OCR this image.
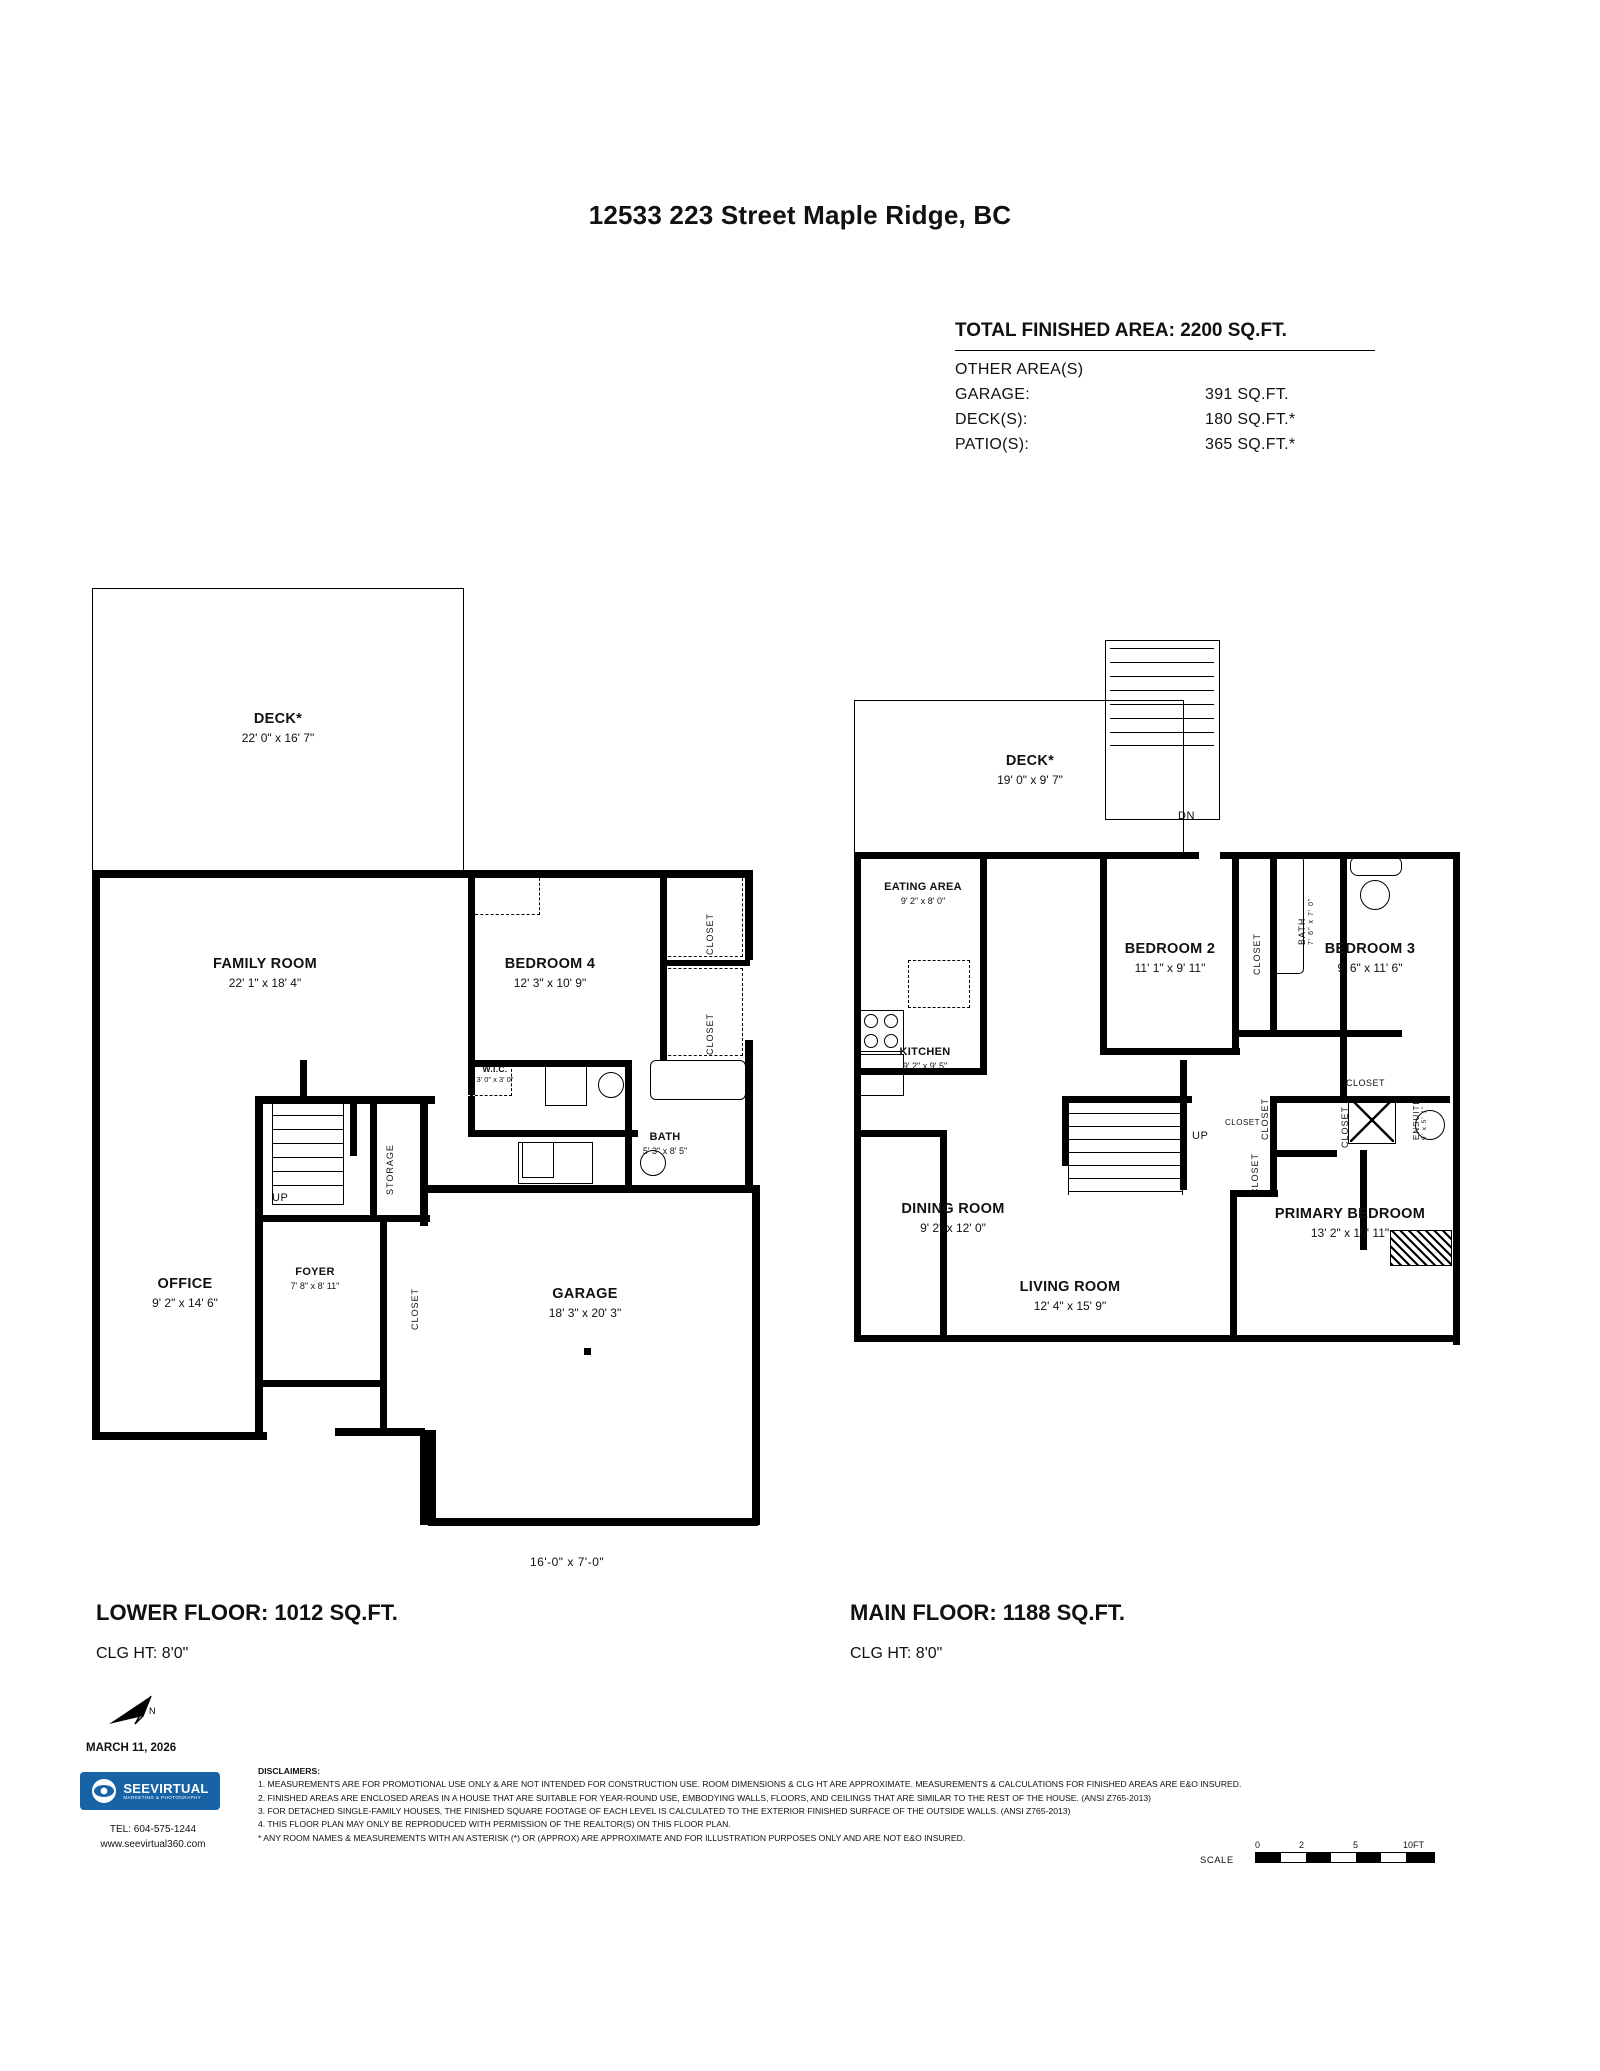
12533 223 Street Maple Ridge, BC
TOTAL FINISHED AREA: 2200 SQ.FT.
OTHER AREA(S)
GARAGE:	391 SQ.FT.
DECK(S):	180 SQ.FT.*
PATIO(S):	365 SQ.FT.*
UP
DECK*
22' 0" x 16' 7"
FAMILY ROOM
22' 1" x 18' 4"
BEDROOM 4
12' 3" x 10' 9"
W.I.C.
3' 0" x 3' 0"
BATH
5' 3" x 8' 5"
OFFICE
9' 2" x 14' 6"
FOYER
7' 8" x 8' 11"
GARAGE
18' 3" x 20' 3"
16'-0" x 7'-0"
CLOSET
CLOSET
STORAGE
CLOSET
LOWER FLOOR: 1012 SQ.FT.
CLG HT: 8'0"
DN
DECK*
19' 0" x 9' 7"
UP
EATING AREA
9' 2" x 8' 0"
BEDROOM 2
11' 1" x 9' 11"
BEDROOM 3
9' 6" x 11' 6"
KITCHEN
9' 2" x 9' 5"
DINING ROOM
9' 2" x 12' 0"
LIVING ROOM
12' 4" x 15' 9"
PRIMARY BEDROOM
13' 2" x 10' 11"
BATH 7' 6" x 7' 0"
CLOSET
CLOSET
CLOSET
CLOSET
CLOSET
CLOSET	ENSUITE 9' x 5' 1"
MAIN FLOOR: 1188 SQ.FT.
CLG HT: 8'0"
N
MARCH 11, 2026
SEEVIRTUAL
MARKETING & PHOTOGRAPHY
TEL: 604-575-1244
www.seevirtual360.com
DISCLAIMERS:
1. MEASUREMENTS ARE FOR PROMOTIONAL USE ONLY & ARE NOT INTENDED FOR CONSTRUCTION USE. ROOM DIMENSIONS & CLG HT ARE APPROXIMATE. MEASUREMENTS & CALCULATIONS FOR FINISHED AREAS ARE E&O INSURED.
2. FINISHED AREAS ARE ENCLOSED AREAS IN A HOUSE THAT ARE SUITABLE FOR YEAR-ROUND USE, EMBODYING WALLS, FLOORS, AND CEILINGS THAT ARE SIMILAR TO THE REST OF THE HOUSE. (ANSI Z765-2013)
3. FOR DETACHED SINGLE-FAMILY HOUSES, THE FINISHED SQUARE FOOTAGE OF EACH LEVEL IS CALCULATED TO THE EXTERIOR FINISHED SURFACE OF THE OUTSIDE WALLS. (ANSI Z765-2013)
4. THIS FLOOR PLAN MAY ONLY BE REPRODUCED WITH PERMISSION OF THE REALTOR(S) ON THIS FLOOR PLAN.
* ANY ROOM NAMES & MEASUREMENTS WITH AN ASTERISK (*) OR (APPROX) ARE APPROXIMATE AND FOR ILLUSTRATION PURPOSES ONLY AND ARE NOT E&O INSURED.
SCALE
0	2	5	10FT
